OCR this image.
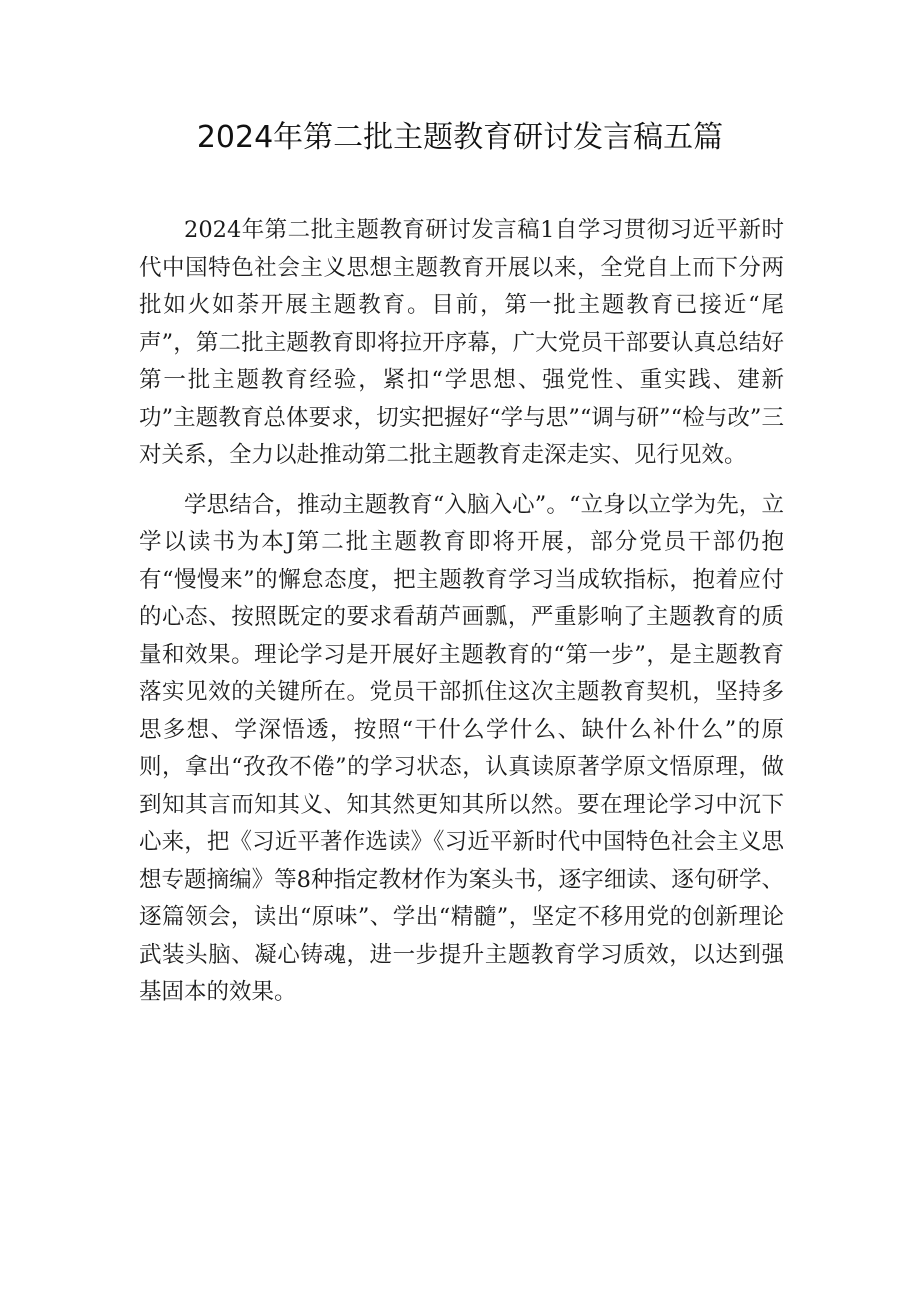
2024年第二批主题教育研讨发言稿五篇

2024年第二批主题教育研讨发言稿1自学习贯彻习近平新时代中国特色社会主义思想主题教育开展以来，全党自上而下分两批如火如荼开展主题教育。目前，第一批主题教育已接近“尾声”，第二批主题教育即将拉开序幕，广大党员干部要认真总结好第一批主题教育经验，紧扣“学思想、强党性、重实践、建新功”主题教育总体要求，切实把握好“学与思”“调与研”“检与改”三对关系，全力以赴推动第二批主题教育走深走实、见行见效。

学思结合，推动主题教育“入脑入心”。“立身以立学为先，立学以读书为本J第二批主题教育即将开展，部分党员干部仍抱有“慢慢来”的懈怠态度，把主题教育学习当成软指标，抱着应付的心态、按照既定的要求看葫芦画瓢，严重影响了主题教育的质量和效果。理论学习是开展好主题教育的“第一步”，是主题教育落实见效的关键所在。党员干部抓住这次主题教育契机，坚持多思多想、学深悟透，按照“干什么学什么、缺什么补什么”的原则，拿出“孜孜不倦”的学习状态，认真读原著学原文悟原理，做到知其言而知其义、知其然更知其所以然。要在理论学习中沉下心来，把《习近平著作选读》《习近平新时代中国特色社会主义思想专题摘编》等8种指定教材作为案头书，逐字细读、逐句研学、逐篇领会，读出“原味”、学出“精髓”，坚定不移用党的创新理论武装头脑、凝心铸魂，进一步提升主题教育学习质效，以达到强基固本的效果。
